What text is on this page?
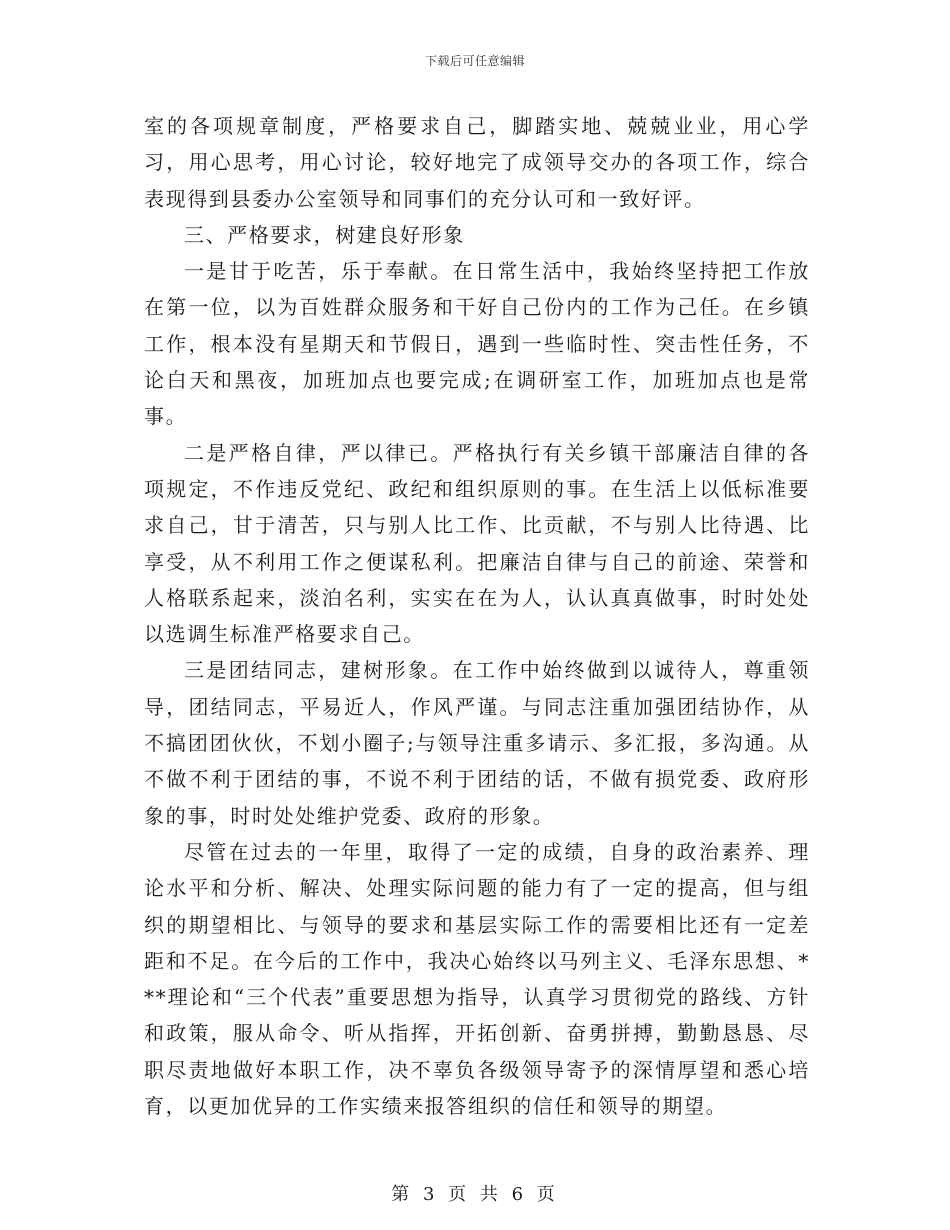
下载后可任意编辑

室的各项规章制度，严格要求自己，脚踏实地、兢兢业业，用心学习，用心思考，用心讨论，较好地完了成领导交办的各项工作，综合表现得到县委办公室领导和同事们的充分认可和一致好评。

三、严格要求，树建良好形象

一是甘于吃苦，乐于奉献。在日常生活中，我始终坚持把工作放在第一位，以为百姓群众服务和干好自己份内的工作为己任。在乡镇工作，根本没有星期天和节假日，遇到一些临时性、突击性任务，不论白天和黑夜，加班加点也要完成;在调研室工作，加班加点也是常事。

二是严格自律，严以律已。严格执行有关乡镇干部廉洁自律的各项规定，不作违反党纪、政纪和组织原则的事。在生活上以低标准要求自己，甘于清苦，只与别人比工作、比贡献，不与别人比待遇、比享受，从不利用工作之便谋私利。把廉洁自律与自己的前途、荣誉和人格联系起来，淡泊名利，实实在在为人，认认真真做事，时时处处以选调生标准严格要求自己。

三是团结同志，建树形象。在工作中始终做到以诚待人，尊重领导，团结同志，平易近人，作风严谨。与同志注重加强团结协作，从不搞团团伙伙，不划小圈子;与领导注重多请示、多汇报，多沟通。从不做不利于团结的事，不说不利于团结的话，不做有损党委、政府形象的事，时时处处维护党委、政府的形象。

尽管在过去的一年里，取得了一定的成绩，自身的政治素养、理论水平和分析、解决、处理实际问题的能力有了一定的提高，但与组织的期望相比、与领导的要求和基层实际工作的需要相比还有一定差距和不足。在今后的工作中，我决心始终以马列主义、毛泽东思想、***理论和“三个代表”重要思想为指导，认真学习贯彻党的路线、方针和政策，服从命令、听从指挥，开拓创新、奋勇拼搏，勤勤恳恳、尽职尽责地做好本职工作，决不辜负各级领导寄予的深情厚望和悉心培育，以更加优异的工作实绩来报答组织的信任和领导的期望。

第 3 页 共 6 页
